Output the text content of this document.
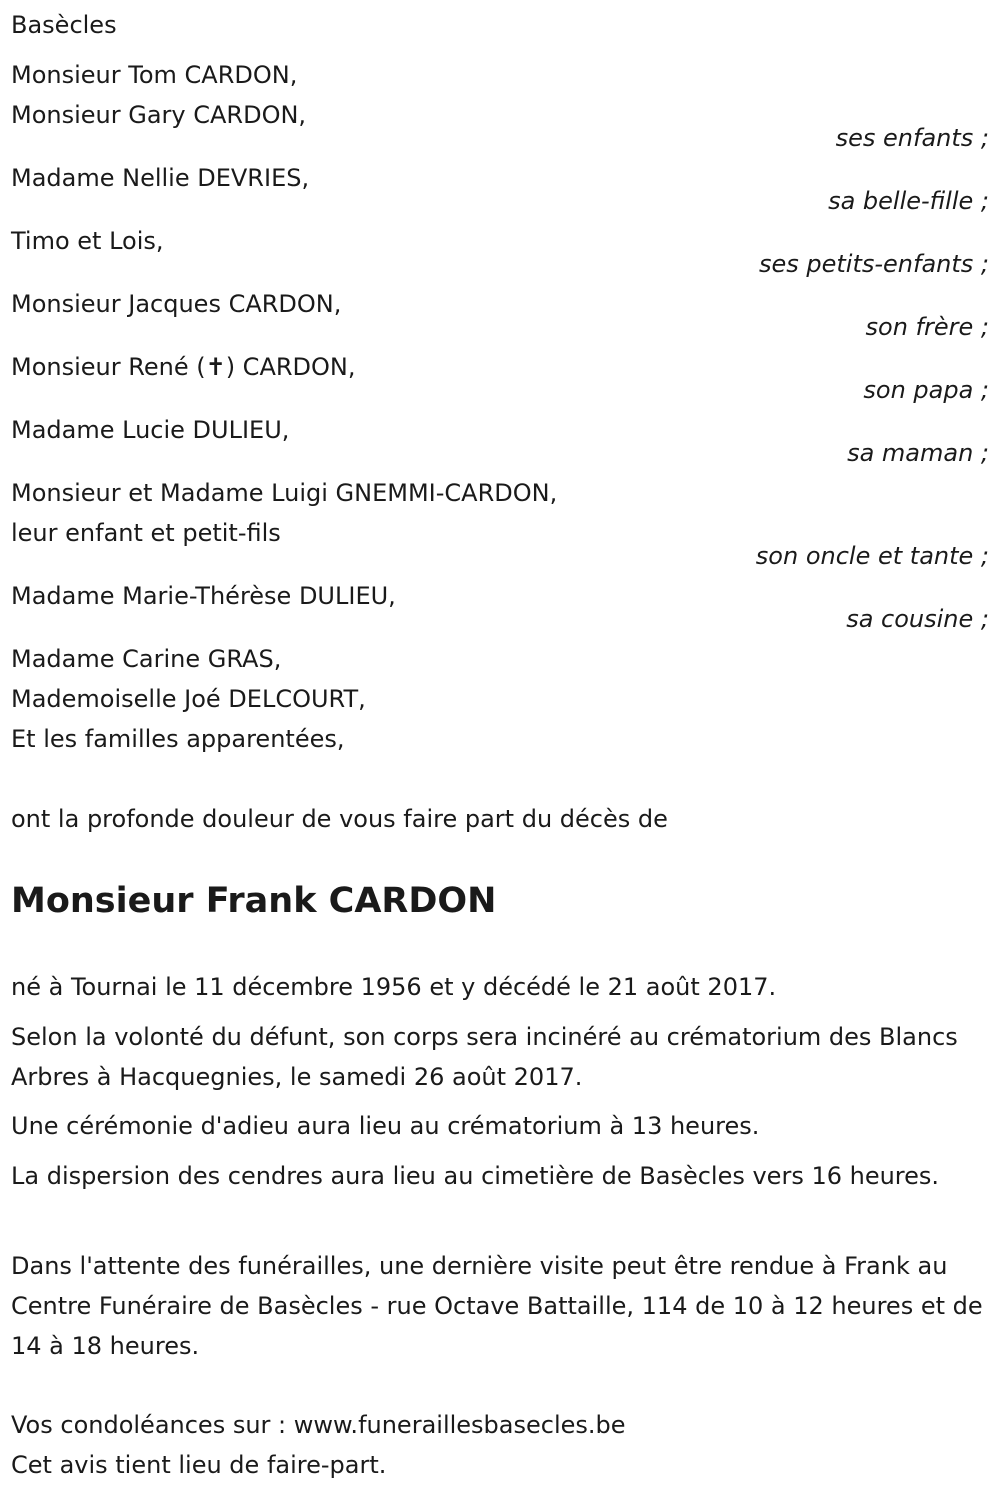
Basècles
Monsieur Tom CARDON,
Monsieur Gary CARDON,
ses enfants ;
Madame Nellie DEVRIES,
sa belle-fille ;
Timo et Lois,
ses petits-enfants ;
Monsieur Jacques CARDON,
son frère ;
Monsieur René (✝) CARDON,
son papa ;
Madame Lucie DULIEU,
sa maman ;
Monsieur et Madame Luigi GNEMMI-CARDON,
leur enfant et petit-fils
son oncle et tante ;
Madame Marie-Thérèse DULIEU,
sa cousine ;
Madame Carine GRAS,
Mademoiselle Joé DELCOURT,
Et les familles apparentées,
ont la profonde douleur de vous faire part du décès de
Monsieur Frank CARDON
né à Tournai le 11 décembre 1956 et y décédé le 21 août 2017.
Selon la volonté du défunt, son corps sera incinéré au crématorium des Blancs Arbres à Hacquegnies, le samedi 26 août 2017.
Une cérémonie d'adieu aura lieu au crématorium à 13 heures.
La dispersion des cendres aura lieu au cimetière de Basècles vers 16 heures.
Dans l'attente des funérailles, une dernière visite peut être rendue à Frank au Centre Funéraire de Basècles - rue Octave Battaille, 114 de 10 à 12 heures et de 14 à 18 heures.
Vos condoléances sur : www.funeraillesbasecles.be
Cet avis tient lieu de faire-part.
